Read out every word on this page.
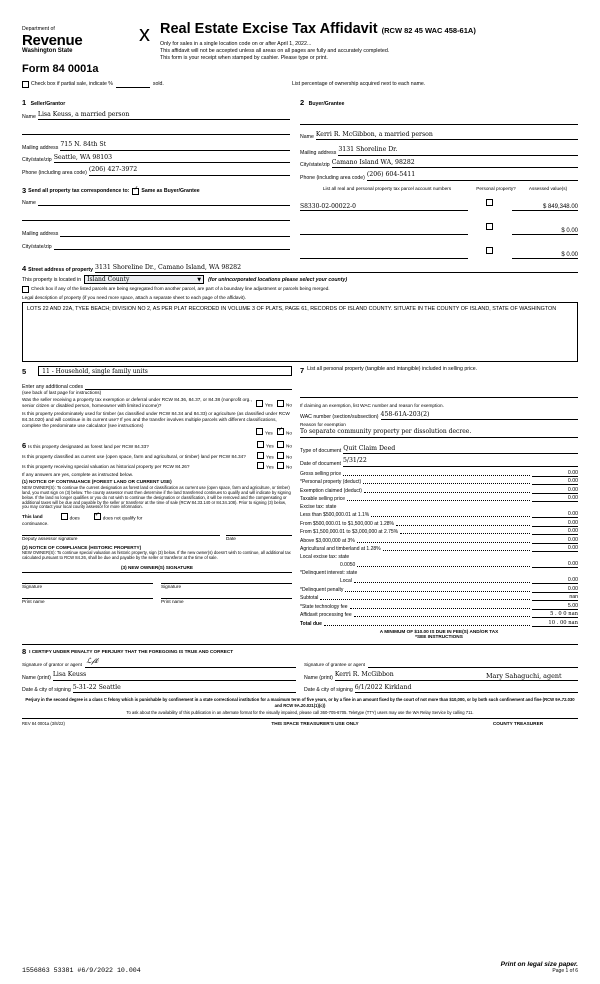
Department of
Revenue
Washington State
x
Form 84 0001a
Real Estate Excise Tax Affidavit (RCW 82 45 WAC 458-61A)
Only for sales in a single location code on or after April 1, 2022...
This affidavit will not be accepted unless all areas on all pages are fully and accurately completed.
This form is your receipt when stamped by cashier. Please type or print.
Check box if partial sale, indicate %	sold.	List percentage of ownership acquired next to each name.
1 Seller/Grantor
Name Lisa Keuss, a married person
Mailing address 715 N. 84th St
City/state/zip Seattle, WA 98103
Phone (including area code) (206) 427-3972
2 Buyer/Grantee
Name Kerri R. McGibbon, a married person
Mailing address 3131 Shoreline Dr.
City/state/zip Camano Island WA, 98282
Phone (including area code) (206) 604-5411
3 Send all property tax correspondence to: ✓ Same as Buyer/Grantee
Name
Mailing address
City/state/zip
List all real and personal property tax parcel account numbers	Personal property?	Assessed value(s)
S8330-02-00022-0	$ 849,348.00
$ 0.00
$ 0.00
4 Street address of property 3131 Shoreline Dr., Camano Island, WA 98282
This property is located in Island County	▼ (for unincorporated locations please select your county)
Check box if any of the listed parcels are being segregated from another parcel, are part of a boundary line adjustment or parcels being merged.
Legal description of property (if you need more space, attach a separate sheet to each page of the affidavit).
LOTS 22 AND 22A, TYEE BEACH; DIVISION NO 2, AS PER PLAT RECORDED IN VOLUME 3 OF PLATS, PAGE 61, RECORDS OF ISLAND COUNTY. SITUATE IN THE COUNTY OF ISLAND, STATE OF WASHINGTON
5	11 - Household, single family units
Enter any additional codes
(see back of last page for instructions)
Was the seller receiving a property tax exemption or deferral under RCW 84.36, 84.37, or 84.38 (nonprofit org., senior citizen or disabled person, homeowner with limited income)?	Yes	No
Is this property predominately used for timber (as classified under RCW 84.34 and 84.33) or agriculture (as classified under RCW 84.34.020) and will continue in its current use? If yes and the transfer involves multiple parcels with different classifications, complete the predominate use calculator (see instructions)
Yes ✓	No
6 Is this property designated as forest land per RCW 84.33?	Yes	No
Is this property classified as current use (open space, farm and agricultural, or timber) land per RCW 84.34?	Yes	No
Is this property receiving special valuation as historical property per RCW 84.26?	Yes	No
If any answers are yes, complete as instructed below.
(1) NOTICE OF CONTINUANCE (FOREST LAND OR CURRENT USE)
NEW OWNER(S): To continue the current designation as forest land or classification as current use (open space, farm and agriculture, or timber) land, you must sign on (3) below. The county assessor must then determine if the land transferred continues to qualify and will indicate by signing below. If the land no longer qualifies or you do not wish to continue the designation or classification, it will be removed and the compensating or additional taxes will be due and payable by the seller or transferor at the time of sale (RCW 84.33.140 or 84.34.108). Prior to signing (3) below, you may contact your local county assessor for more information.
This land	does ✓	does not qualify for
continuance.
Deputy assessor signature	Date
(2) NOTICE OF COMPLIANCE (HISTORIC PROPERTY)
NEW OWNER(S): To continue special valuation as historic property, sign (3) below. If the new owner(s) doesn't wish to continue, all additional tax calculated pursuant to RCW 84.26, shall be due and payable by the seller or transferor at the time of sale.
(3) NEW OWNER(S) SIGNATURE
Signature	Signature
Print name	Print name
7 List all personal property (tangible and intangible) included in selling price.
If claiming an exemption, list WAC number and reason for exemption.
WAC number (section/subsection) 458-61A-203(2)
Reason for exemption
To separate community property per dissolution decree.
Type of document Quit Claim Deed
Date of document 5/31/22
Gross selling price	0.00
*Personal property (deduct)	0.00
Exemption claimed (deduct)	0.00
Taxable selling price	0.00
Excise tax: state
Less than $500,000.01 at 1.1%	0.00
From $500,000.01 to $1,500,000 at 1.28%	0.00
From $1,500,000.01 to $3,000,000 at 2.75%	0.00
Above $3,000,000 at 3%	0.00
Agricultural and timberland at 1.28%	0.00
Local excise tax: state
0.0050	0.00
*Delinquent interest: state
Local	0.00
*Delinquent penalty	0.00
Subtotal	nan
*State technology fee	5.00
Affidavit processing fee	5 . 0 0 nan
Total due	10 . 00 nan
A MINIMUM OF $10.00 IS DUE IN FEE(S) AND/OR TAX
*SEE INSTRUCTIONS
8 I CERTIFY UNDER PENALTY OF PERJURY THAT THE FOREGOING IS TRUE AND CORRECT
Signature of grantor or agent  ℒ𝒻𝓀
Name (print) Lisa Keuss
Date & city of signing 5-31-22 Seattle
Signature of grantee or agent
Name (print) Kerri R. McGibbon	Mary Sahaguchi, agent
Date & city of signing 6/1/2022 Kirkland
Perjury in the second degree is a class C felony which is punishable by confinement in a state correctional institution for a maximum term of five years, or by a fine in an amount fixed by the court of not more than $10,000, or by both such confinement and fine (RCW 9A.72.030 and RCW 9A.20.021(1)(c))
To ask about the availability of this publication in an alternate format for the visually impaired, please call 360-705-6705. Teletype (TTY) users may use the WA Relay Service by calling 711.
REV 84 0001a (3/8/22)	THIS SPACE TREASURER'S USE ONLY	COUNTY TREASURER
1556863 53381 #6/9/2022 10.004
Print on legal size paper.
Page 1 of 6
